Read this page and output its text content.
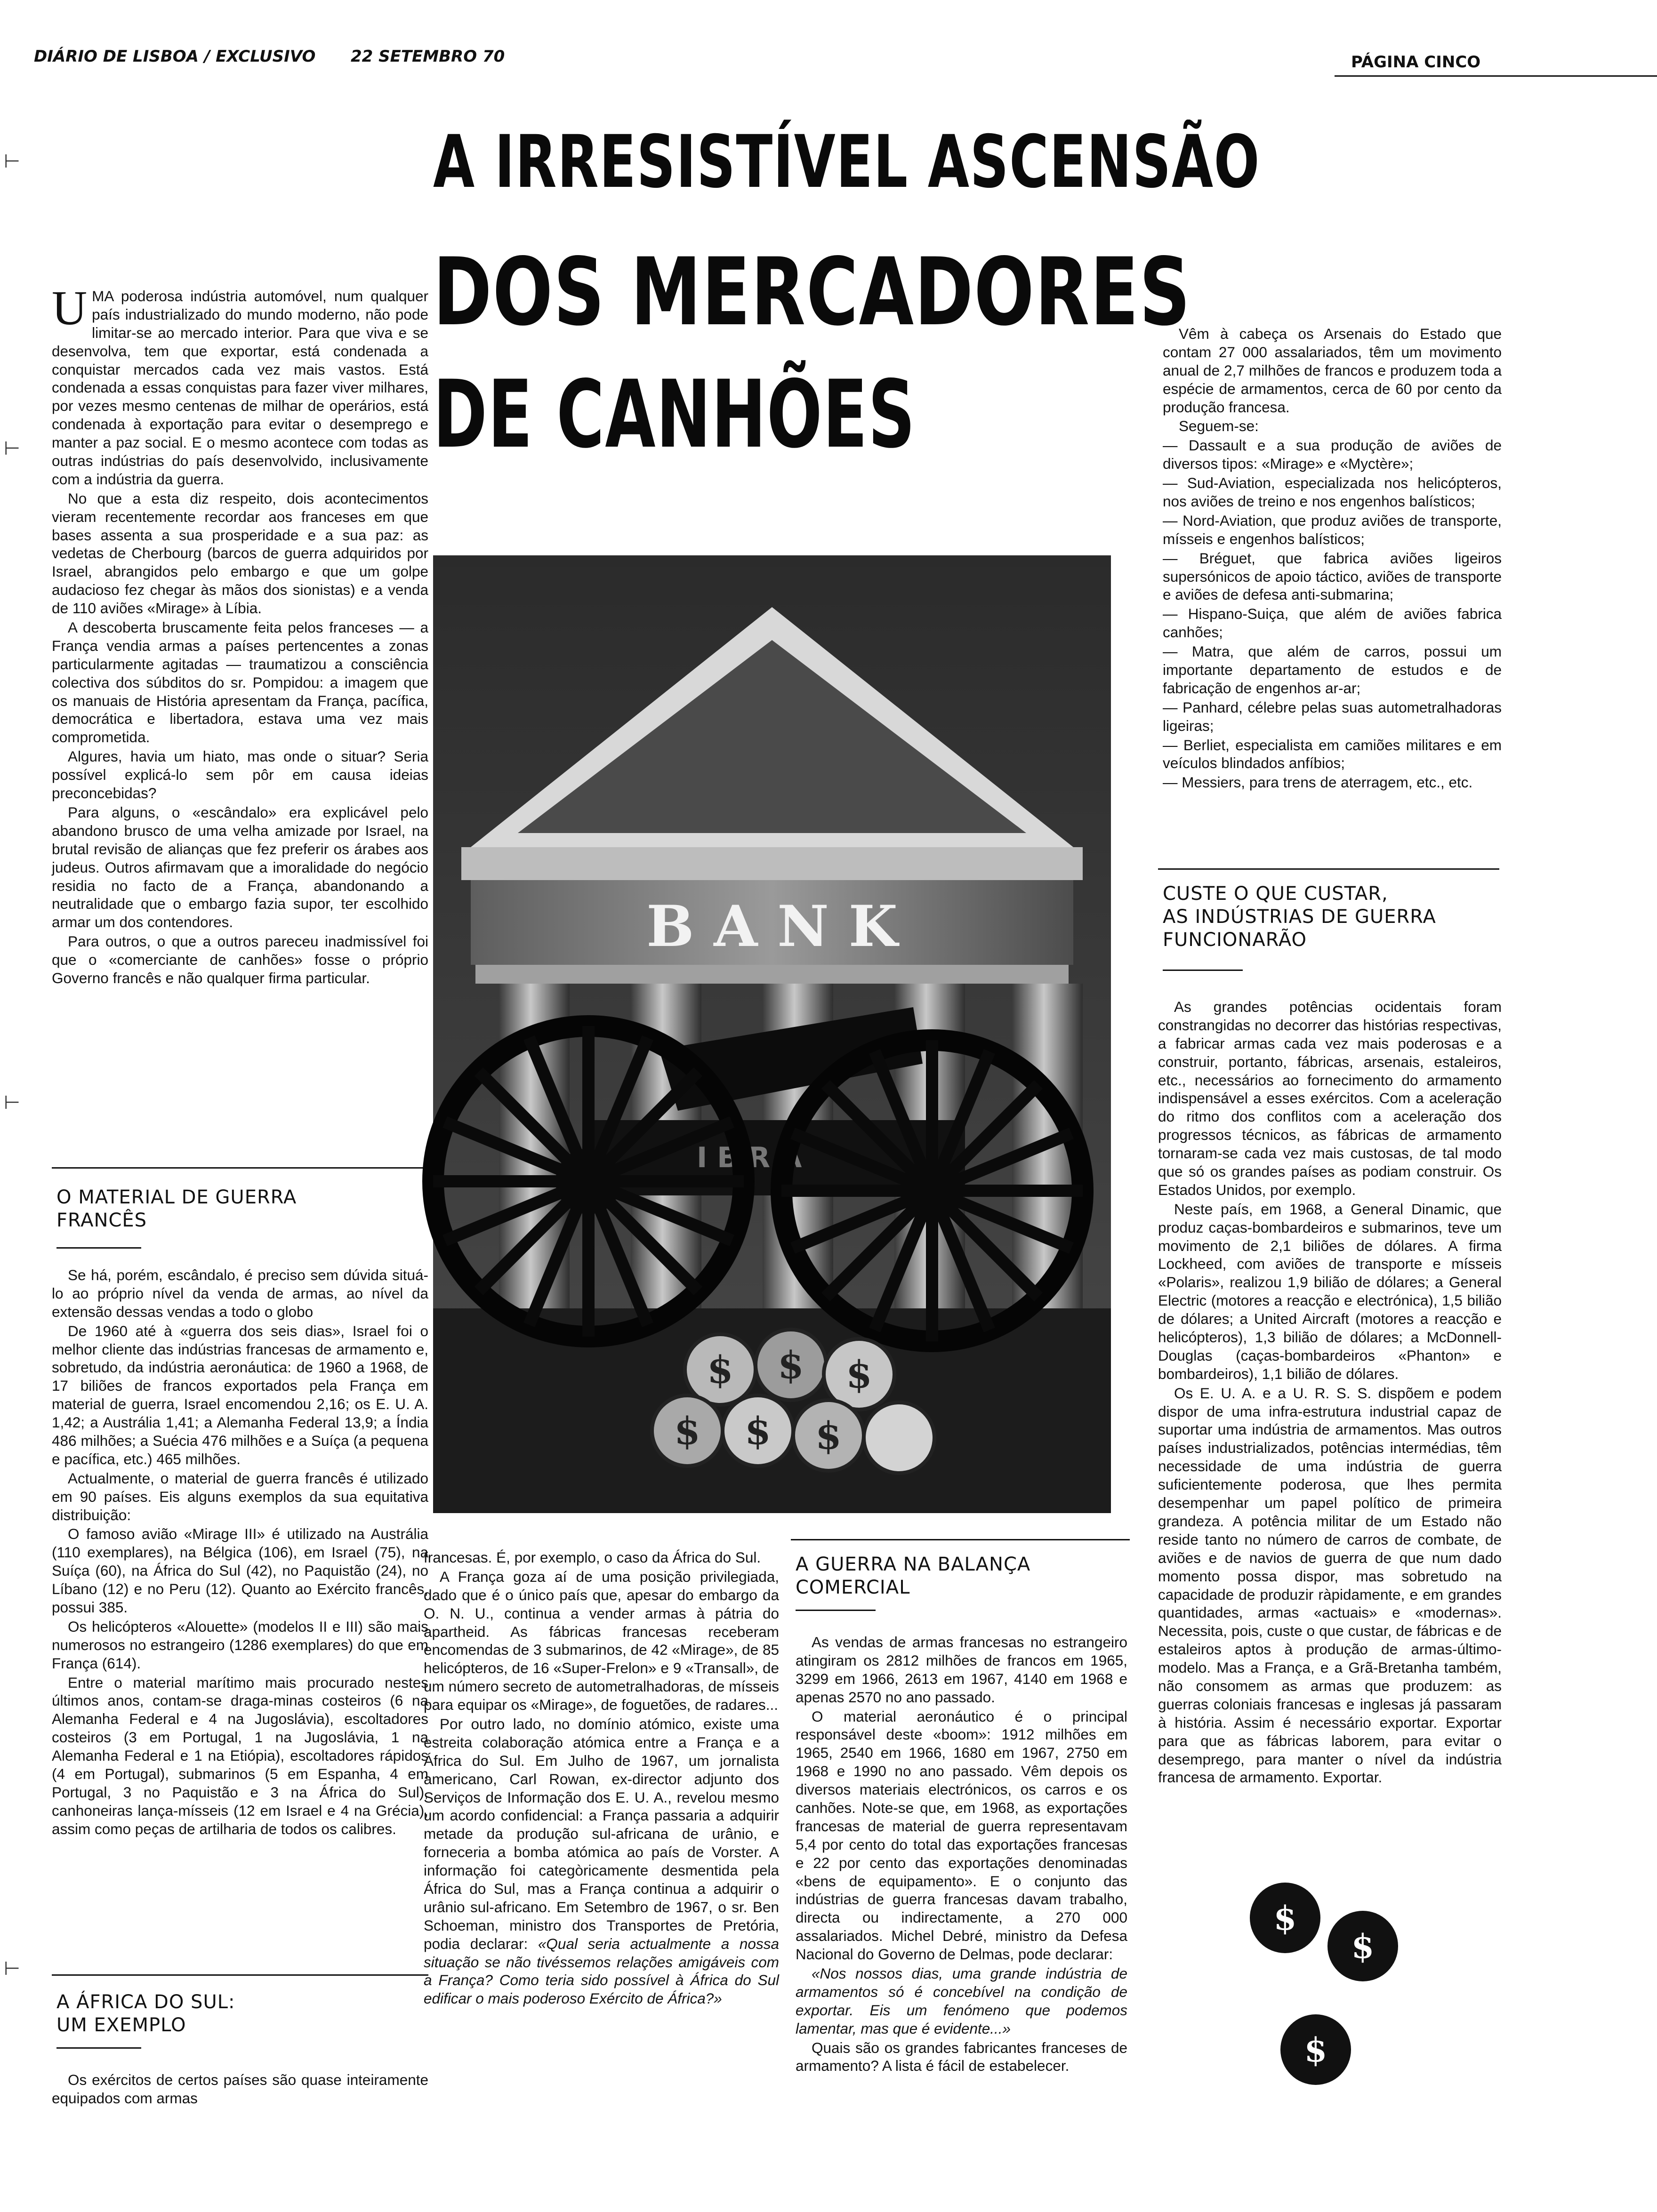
DIÁRIO DE LISBOA / EXCLUSIVO 22 SETEMBRO 70	PÁGINA CINCO
⊢
⊢
⊢
⊢
A IRRESISTÍVEL ASCENSÃO
DOS MERCADORES
DE CANHÕES

UMA poderosa indústria automóvel, num qualquer país industrializado do mundo moderno, não pode limitar-se ao mercado interior. Para que viva e se desenvolva, tem que exportar, está condenada a conquistar mercados cada vez mais vastos. Está condenada a essas conquistas para fazer viver milhares, por vezes mesmo centenas de milhar de operários, está condenada à exportação para evitar o desemprego e manter a paz social. E o mesmo acontece com todas as outras indústrias do país desenvolvido, inclusivamente com a indústria da guerra.

No que a esta diz respeito, dois acontecimentos vieram recentemente recordar aos franceses em que bases assenta a sua prosperidade e a sua paz: as vedetas de Cherbourg (barcos de guerra adquiridos por Israel, abrangidos pelo embargo e que um golpe audacioso fez chegar às mãos dos sionistas) e a venda de 110 aviões «Mirage» à Líbia.

A descoberta bruscamente feita pelos franceses — a França vendia armas a países pertencentes a zonas particularmente agitadas — traumatizou a consciência colectiva dos súbditos do sr. Pompidou: a imagem que os manuais de História apresentam da França, pacífica, democrática e libertadora, estava uma vez mais comprometida.

Algures, havia um hiato, mas onde o situar? Seria possível explicá-lo sem pôr em causa ideias preconcebidas?

Para alguns, o «escândalo» era explicável pelo abandono brusco de uma velha amizade por Israel, na brutal revisão de alianças que fez preferir os árabes aos judeus. Outros afirmavam que a imoralidade do negócio residia no facto de a França, abandonando a neutralidade que o embargo fazia supor, ter escolhido armar um dos contendores.

Para outros, o que a outros pareceu inadmissível foi que o «comerciante de canhões» fosse o próprio Governo francês e não qualquer firma particular.

O MATERIAL DE GUERRA FRANCÊS

Se há, porém, escândalo, é preciso sem dúvida situá-lo ao próprio nível da venda de armas, ao nível da extensão dessas vendas a todo o globo

De 1960 até à «guerra dos seis dias», Israel foi o melhor cliente das indústrias francesas de armamento e, sobretudo, da indústria aeronáutica: de 1960 a 1968, de 17 biliões de francos exportados pela França em material de guerra, Israel encomendou 2,16; os E. U. A. 1,42; a Austrália 1,41; a Alemanha Federal 13,9; a Índia 486 milhões; a Suécia 476 milhões e a Suíça (a pequena e pacífica, etc.) 465 milhões.

Actualmente, o material de guerra francês é utilizado em 90 países. Eis alguns exemplos da sua equitativa distribuição:

O famoso avião «Mirage III» é utilizado na Austrália (110 exemplares), na Bélgica (106), em Israel (75), na Suíça (60), na África do Sul (42), no Paquistão (24), no Líbano (12) e no Peru (12). Quanto ao Exército francês, possui 385.

Os helicópteros «Alouette» (modelos II e III) são mais numerosos no estrangeiro (1286 exemplares) do que em França (614).

Entre o material marítimo mais procurado nestes últimos anos, contam-se draga-minas costeiros (6 na Alemanha Federal e 4 na Jugoslávia), escoltadores costeiros (3 em Portugal, 1 na Jugoslávia, 1 na Alemanha Federal e 1 na Etiópia), escoltadores rápidos (4 em Portugal), submarinos (5 em Espanha, 4 em Portugal, 3 no Paquistão e 3 na África do Sul), canhoneiras lança-mísseis (12 em Israel e 4 na Grécia), assim como peças de artilharia de todos os calibres.

A ÁFRICA DO SUL:
UM EXEMPLO

Os exércitos de certos países são quase inteiramente equipados com armas

B A N K
I B R A
$ $ $
$ $ $

francesas. É, por exemplo, o caso da África do Sul.

A França goza aí de uma posição privilegiada, dado que é o único país que, apesar do embargo da O. N. U., continua a vender armas à pátria do apartheid. As fábricas francesas receberam encomendas de 3 submarinos, de 42 «Mirage», de 85 helicópteros, de 16 «Super-Frelon» e 9 «Transall», de um número secreto de autometralhadoras, de mísseis para equipar os «Mirage», de foguetões, de radares...

Por outro lado, no domínio atómico, existe uma estreita colaboração atómica entre a França e a África do Sul. Em Julho de 1967, um jornalista americano, Carl Rowan, ex-director adjunto dos Serviços de Informação dos E. U. A., revelou mesmo um acordo confidencial: a França passaria a adquirir metade da produção sul-africana de urânio, e forneceria a bomba atómica ao país de Vorster. A informação foi categòricamente desmentida pela África do Sul, mas a França continua a adquirir o urânio sul-africano. Em Setembro de 1967, o sr. Ben Schoeman, ministro dos Transportes de Pretória, podia declarar: «Qual seria actualmente a nossa situação se não tivéssemos relações amigáveis com a França? Como teria sido possível à África do Sul edificar o mais poderoso Exército de África?»

A GUERRA NA BALANÇA
COMERCIAL

As vendas de armas francesas no estrangeiro atingiram os 2812 milhões de francos em 1965, 3299 em 1966, 2613 em 1967, 4140 em 1968 e apenas 2570 no ano passado.

O material aeronáutico é o principal responsável deste «boom»: 1912 milhões em 1965, 2540 em 1966, 1680 em 1967, 2750 em 1968 e 1990 no ano passado. Vêm depois os diversos materiais electrónicos, os carros e os canhões. Note-se que, em 1968, as exportações francesas de material de guerra representavam 5,4 por cento do total das exportações francesas e 22 por cento das exportações denominadas «bens de equipamento». E o conjunto das indústrias de guerra francesas davam trabalho, directa ou indirectamente, a 270 000 assalariados. Michel Debré, ministro da Defesa Nacional do Governo de Delmas, pode declarar:

«Nos nossos dias, uma grande indústria de armamentos só é concebível na condição de exportar. Eis um fenómeno que podemos lamentar, mas que é evidente...»

Quais são os grandes fabricantes franceses de armamento? A lista é fácil de estabelecer.

Vêm à cabeça os Arsenais do Estado que contam 27 000 assalariados, têm um movimento anual de 2,7 milhões de francos e produzem toda a espécie de armamentos, cerca de 60 por cento da produção francesa.

Seguem-se:

— Dassault e a sua produção de aviões de diversos tipos: «Mirage» e «Myctère»;

— Sud-Aviation, especializada nos helicópteros, nos aviões de treino e nos engenhos balísticos;

— Nord-Aviation, que produz aviões de transporte, mísseis e engenhos balísticos;

— Bréguet, que fabrica aviões ligeiros supersónicos de apoio táctico, aviões de transporte e aviões de defesa anti-submarina;

— Hispano-Suiça, que além de aviões fabrica canhões;

— Matra, que além de carros, possui um importante departamento de estudos e de fabricação de engenhos ar-ar;

— Panhard, célebre pelas suas autometralhadoras ligeiras;

— Berliet, especialista em camiões militares e em veículos blindados anfíbios;

— Messiers, para trens de aterragem, etc., etc.

CUSTE O QUE CUSTAR,
AS INDÚSTRIAS DE GUERRA
FUNCIONARÃO

As grandes potências ocidentais foram constrangidas no decorrer das histórias respectivas, a fabricar armas cada vez mais poderosas e a construir, portanto, fábricas, arsenais, estaleiros, etc., necessários ao fornecimento do armamento indispensável a esses exércitos. Com a aceleração do ritmo dos conflitos com a aceleração dos progressos técnicos, as fábricas de armamento tornaram-se cada vez mais custosas, de tal modo que só os grandes países as podiam construir. Os Estados Unidos, por exemplo.

Neste país, em 1968, a General Dinamic, que produz caças-bombardeiros e submarinos, teve um movimento de 2,1 biliões de dólares. A firma Lockheed, com aviões de transporte e mísseis «Polaris», realizou 1,9 bilião de dólares; a General Electric (motores a reacção e electrónica), 1,5 bilião de dólares; a United Aircraft (motores a reacção e helicópteros), 1,3 bilião de dólares; a McDonnell-Douglas (caças-bombardeiros «Phanton» e bombardeiros), 1,1 bilião de dólares.

Os E. U. A. e a U. R. S. S. dispõem e podem dispor de uma infra-estrutura industrial capaz de suportar uma indústria de armamentos. Mas outros países industrializados, potências intermédias, têm necessidade de uma indústria de guerra suficientemente poderosa, que lhes permita desempenhar um papel político de primeira grandeza. A potência militar de um Estado não reside tanto no número de carros de combate, de aviões e de navios de guerra de que num dado momento possa dispor, mas sobretudo na capacidade de produzir ràpidamente, e em grandes quantidades, armas «actuais» e «modernas». Necessita, pois, custe o que custar, de fábricas e de estaleiros aptos à produção de armas-último-modelo. Mas a França, e a Grã-Bretanha também, não consomem as armas que produzem: as guerras coloniais francesas e inglesas já passaram à história. Assim é necessário exportar. Exportar para que as fábricas laborem, para evitar o desemprego, para manter o nível da indústria francesa de armamento. Exportar.

$
$
$
